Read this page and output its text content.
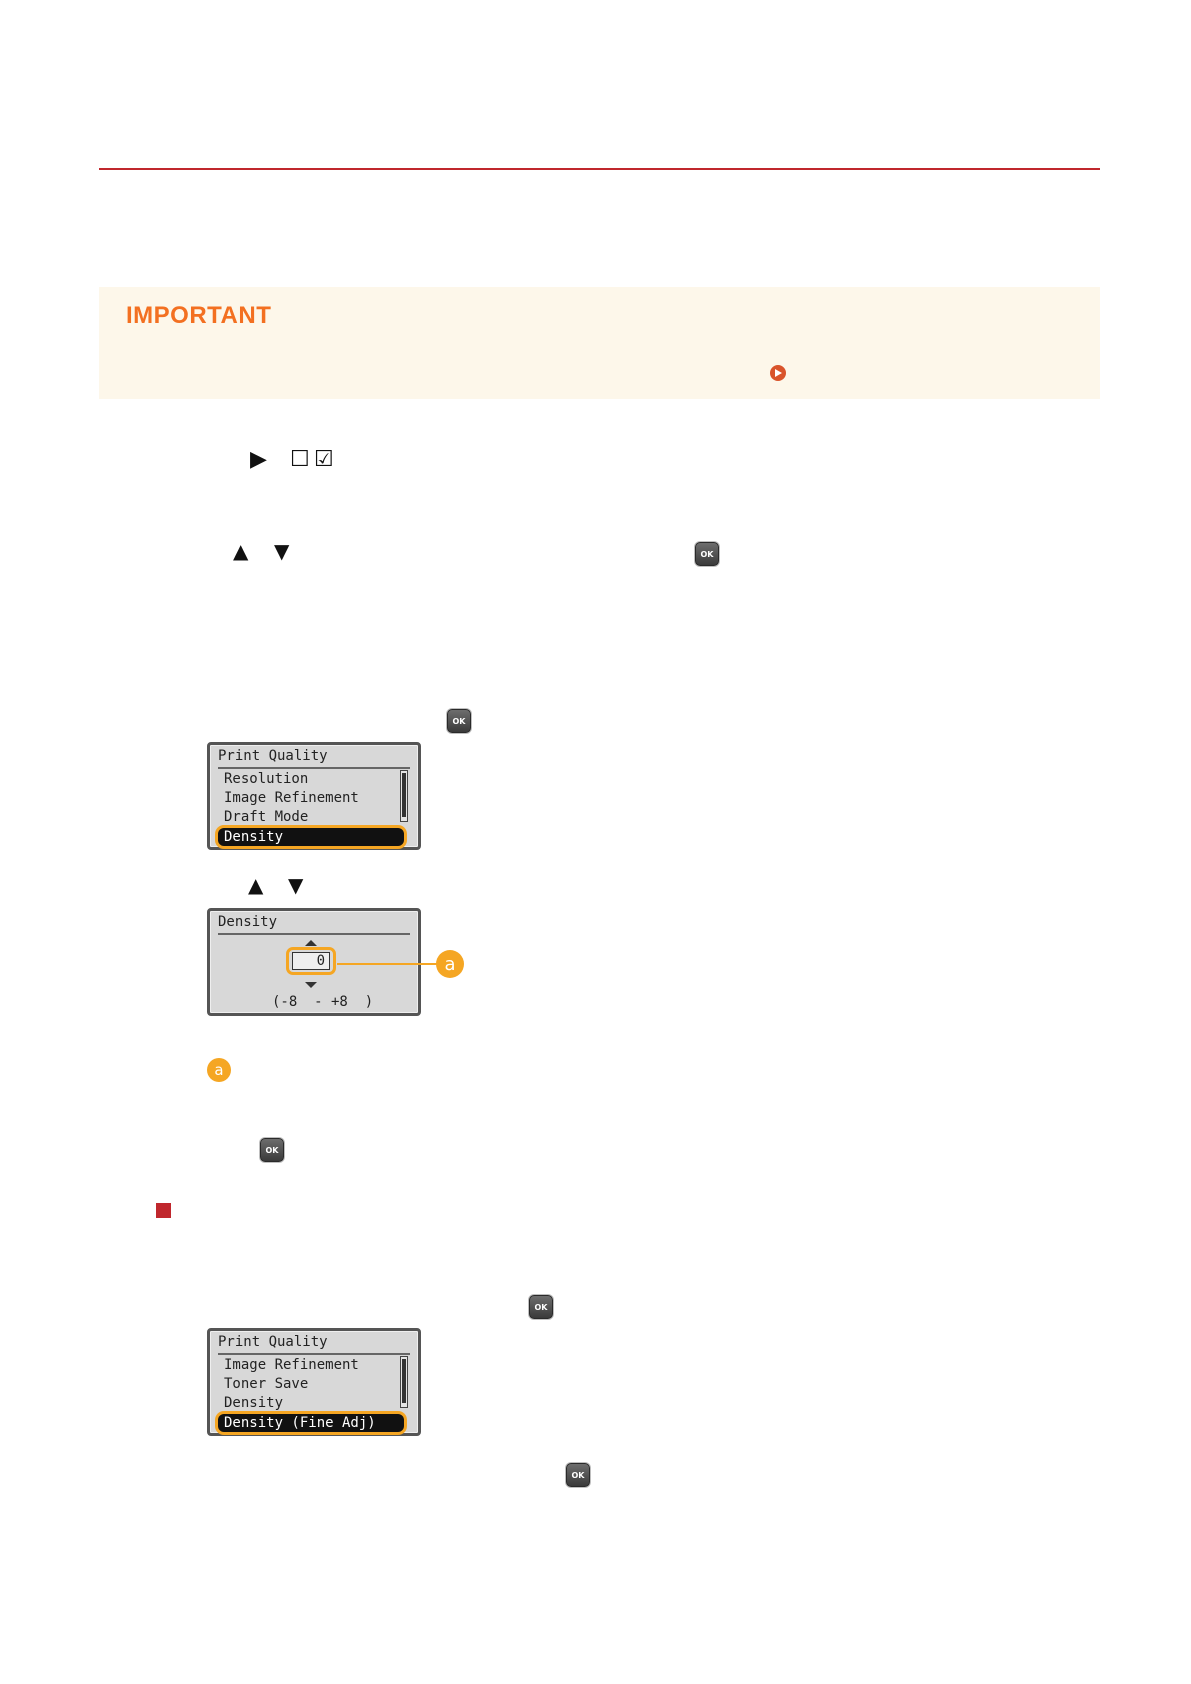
IMPORTANT
▶ ☐ ☑
▲ ▼	OK
OK
Print Quality
Resolution
Image Refinement
Draft Mode
Density
▲ ▼
Density
0
(-8  - +8  )
a
a
OK
OK
Print Quality
Image Refinement
Toner Save
Density
Density (Fine Adj)
OK
